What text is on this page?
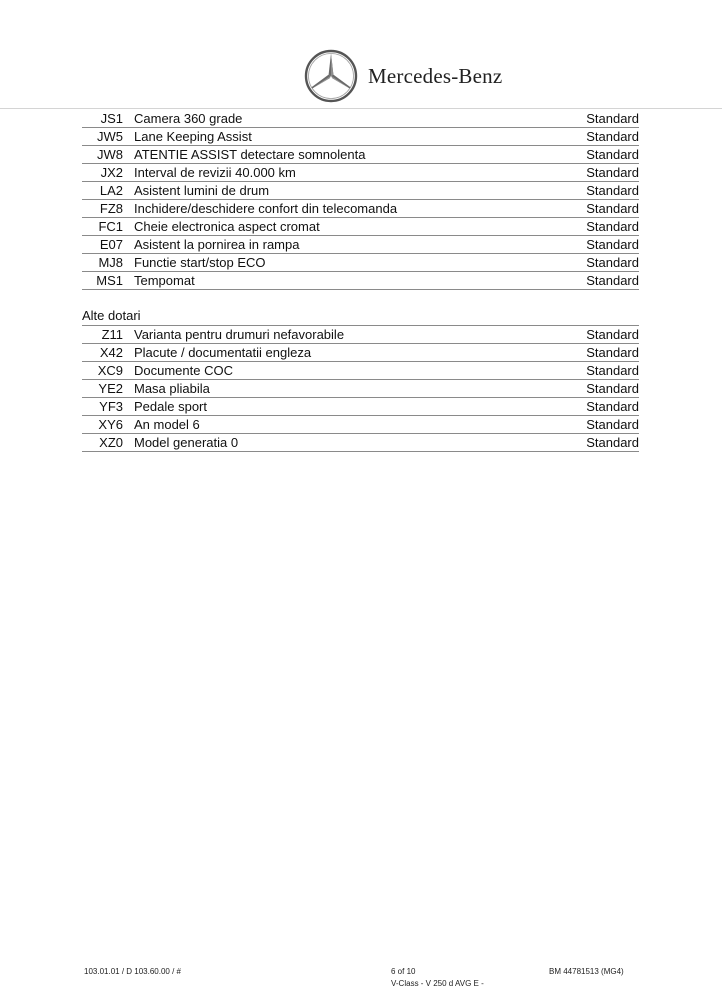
Mercedes-Benz
JS1 Camera 360 grade	Standard
JW5 Lane Keeping Assist	Standard
JW8 ATENTIE ASSIST detectare somnolenta	Standard
JX2 Interval de revizii 40.000 km	Standard
LA2 Asistent lumini de drum	Standard
FZ8 Inchidere/deschidere confort din telecomanda	Standard
FC1 Cheie electronica aspect cromat	Standard
E07 Asistent la pornirea in rampa	Standard
MJ8 Functie start/stop ECO	Standard
MS1 Tempomat	Standard
Alte dotari
Z11 Varianta pentru drumuri nefavorabile	Standard
X42 Placute / documentatii engleza	Standard
XC9 Documente COC	Standard
YE2 Masa pliabila	Standard
YF3 Pedale sport	Standard
XY6 An model 6	Standard
XZ0 Model generatia 0	Standard
103.01.01 / D 103.60.00 / #	6 of 10
V-Class - V 250 d AVG E -
BM 44781513 (MG4)
